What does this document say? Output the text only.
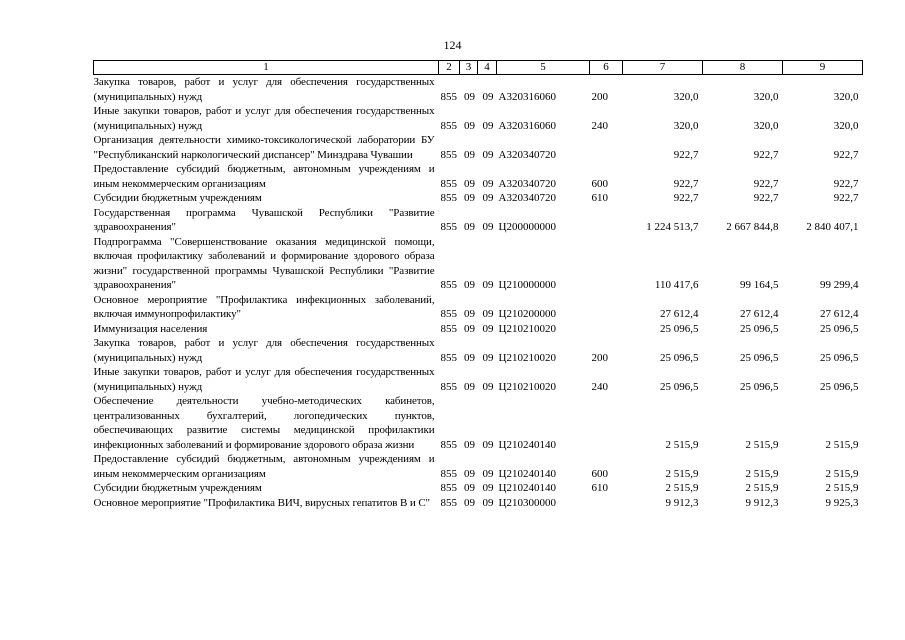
124
1	2	3	4	5	6	7	8	9
Закупка товаров, работ и услуг для обеспечения государственных (муниципальных) нужд	855	09	09	А320316060	200	320,0	320,0	320,0
Иные закупки товаров, работ и услуг для обеспечения государственных (муниципальных) нужд	855	09	09	А320316060	240	320,0	320,0	320,0
Организация деятельности химико-токсикологической лаборатории БУ "Республиканский наркологический диспансер" Минздрава Чувашии	855	09	09	А320340720		922,7	922,7	922,7
Предоставление субсидий бюджетным, автономным учреждениям и иным некоммерческим организациям	855	09	09	А320340720	600	922,7	922,7	922,7
Субсидии бюджетным учреждениям	855	09	09	А320340720	610	922,7	922,7	922,7
Государственная программа Чувашской Республики "Развитие здравоохранения"	855	09	09	Ц200000000		1 224 513,7	2 667 844,8	2 840 407,1
Подпрограмма "Совершенствование оказания медицинской помощи, включая профилактику заболеваний и формирование здорового образа жизни" государственной программы Чувашской Республики "Развитие здравоохранения"	855	09	09	Ц210000000		110 417,6	99 164,5	99 299,4
Основное мероприятие "Профилактика инфекционных заболеваний, включая иммунопрофилактику"	855	09	09	Ц210200000		27 612,4	27 612,4	27 612,4
Иммунизация населения	855	09	09	Ц210210020		25 096,5	25 096,5	25 096,5
Закупка товаров, работ и услуг для обеспечения государственных (муниципальных) нужд	855	09	09	Ц210210020	200	25 096,5	25 096,5	25 096,5
Иные закупки товаров, работ и услуг для обеспечения государственных (муниципальных) нужд	855	09	09	Ц210210020	240	25 096,5	25 096,5	25 096,5
Обеспечение деятельности учебно-методических кабинетов, централизованных бухгалтерий, логопедических пунктов, обеспечивающих развитие системы медицинской профилактики инфекционных заболеваний и формирование здорового образа жизни	855	09	09	Ц210240140		2 515,9	2 515,9	2 515,9
Предоставление субсидий бюджетным, автономным учреждениям и иным некоммерческим организациям	855	09	09	Ц210240140	600	2 515,9	2 515,9	2 515,9
Субсидии бюджетным учреждениям	855	09	09	Ц210240140	610	2 515,9	2 515,9	2 515,9
Основное мероприятие "Профилактика ВИЧ, вирусных гепатитов В и С"	855	09	09	Ц210300000		9 912,3	9 912,3	9 925,3
